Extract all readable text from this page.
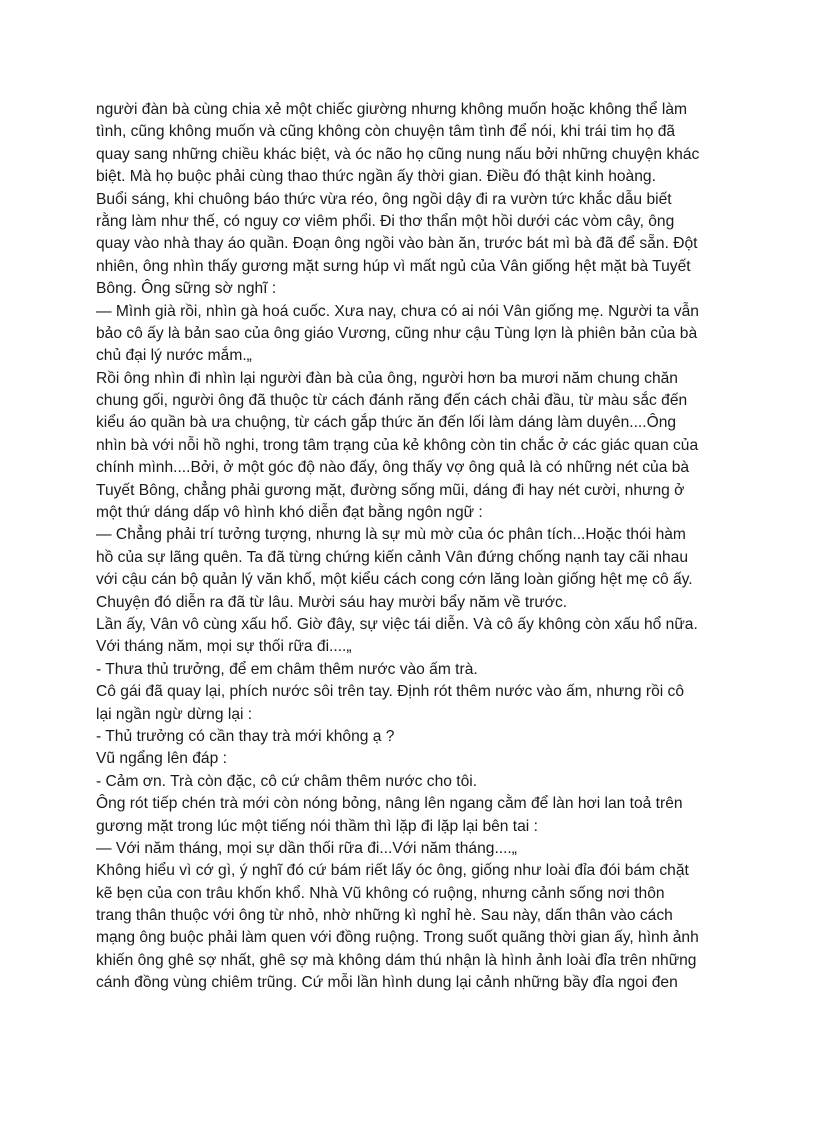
người đàn bà cùng chia xẻ một chiếc giường nhưng không muốn hoặc không thể làm
tình, cũng không muốn và cũng không còn chuyện tâm tình để nói, khi trái tim họ đã
quay sang những chiều khác biệt, và óc não họ cũng nung nấu bởi những chuyện khác
biệt. Mà họ buộc phải cùng thao thức ngần ấy thời gian. Điều đó thật kinh hoàng.
Buổi sáng, khi chuông báo thức vừa réo, ông ngồi dậy đi ra vườn tức khắc dẫu biết
rằng làm như thế, có nguy cơ viêm phổi. Đi thơ thẩn một hồi dưới các vòm cây, ông
quay vào nhà thay áo quần. Đoạn ông ngồi vào bàn ăn, trước bát mì bà đã để sẵn. Đột
nhiên, ông nhìn thấy gương mặt sưng húp vì mất ngủ của Vân giống hệt mặt bà Tuyết
Bông. Ông sững sờ nghĩ :
— Mình già rồi, nhìn gà hoá cuốc. Xưa nay, chưa có ai nói Vân giống mẹ. Người ta vẫn
bảo cô ấy là bản sao của ông giáo Vương, cũng như cậu Tùng lợn là phiên bản của bà
chủ đại lý nước mắm.„
Rồi ông nhìn đi nhìn lại người đàn bà của ông, người hơn ba mươi năm chung chăn
chung gối, người ông đã thuộc từ cách đánh răng đến cách chải đầu, từ màu sắc đến
kiểu áo quần bà ưa chuộng, từ cách gắp thức ăn đến lối làm dáng làm duyên....Ông
nhìn bà với nỗi hồ nghi, trong tâm trạng của kẻ không còn tin chắc ở các giác quan của
chính mình....Bởi, ở một góc độ nào đấy, ông thấy vợ ông quả là có những nét của bà
Tuyết Bông, chẳng phải gương mặt, đường sống mũi, dáng đi hay nét cười, nhưng ở
một thứ dáng dấp vô hình khó diễn đạt bằng ngôn ngữ :
— Chẳng phải trí tưởng tượng, nhưng là sự mù mờ của óc phân tích...Hoặc thói hàm
hồ của sự lãng quên. Ta đã từng chứng kiến cảnh Vân đứng chống nạnh tay cãi nhau
với cậu cán bộ quản lý văn khố, một kiểu cách cong cớn lăng loàn giống hệt mẹ cô ấy.
Chuyện đó diễn ra đã từ lâu. Mười sáu hay mười bẩy năm về trước.
Lần ấy, Vân vô cùng xấu hổ. Giờ đây, sự việc tái diễn. Và cô ấy không còn xấu hổ nữa.
Với tháng năm, mọi sự thối rữa đi....„
- Thưa thủ trưởng, để em châm thêm nước vào ấm trà.
Cô gái đã quay lại, phích nước sôi trên tay. Định rót thêm nước vào ấm, nhưng rồi cô
lại ngần ngừ dừng lại :
- Thủ trưởng có cần thay trà mới không ạ ?
Vũ ngẩng lên đáp :
- Cảm ơn. Trà còn đặc, cô cứ châm thêm nước cho tôi.
Ông rót tiếp chén trà mới còn nóng bỏng, nâng lên ngang cằm để làn hơi lan toả trên
gương mặt trong lúc một tiếng nói thầm thì lặp đi lặp lại bên tai :
— Với năm tháng, mọi sự dần thối rữa đi...Với năm tháng....„
Không hiểu vì cớ gì, ý nghĩ đó cứ bám riết lấy óc ông, giống như loài đỉa đói bám chặt
kẽ bẹn của con trâu khốn khổ. Nhà Vũ không có ruộng, nhưng cảnh sống nơi thôn
trang thân thuộc với ông từ nhỏ, nhờ những kì nghỉ hè. Sau này, dấn thân vào cách
mạng ông buộc phải làm quen với đồng ruộng. Trong suốt quãng thời gian ấy, hình ảnh
khiến ông ghê sợ nhất, ghê sợ mà không dám thú nhận là hình ảnh loài đỉa trên những
cánh đồng vùng chiêm trũng. Cứ mỗi lần hình dung lại cảnh những bầy đỉa ngoi đen
